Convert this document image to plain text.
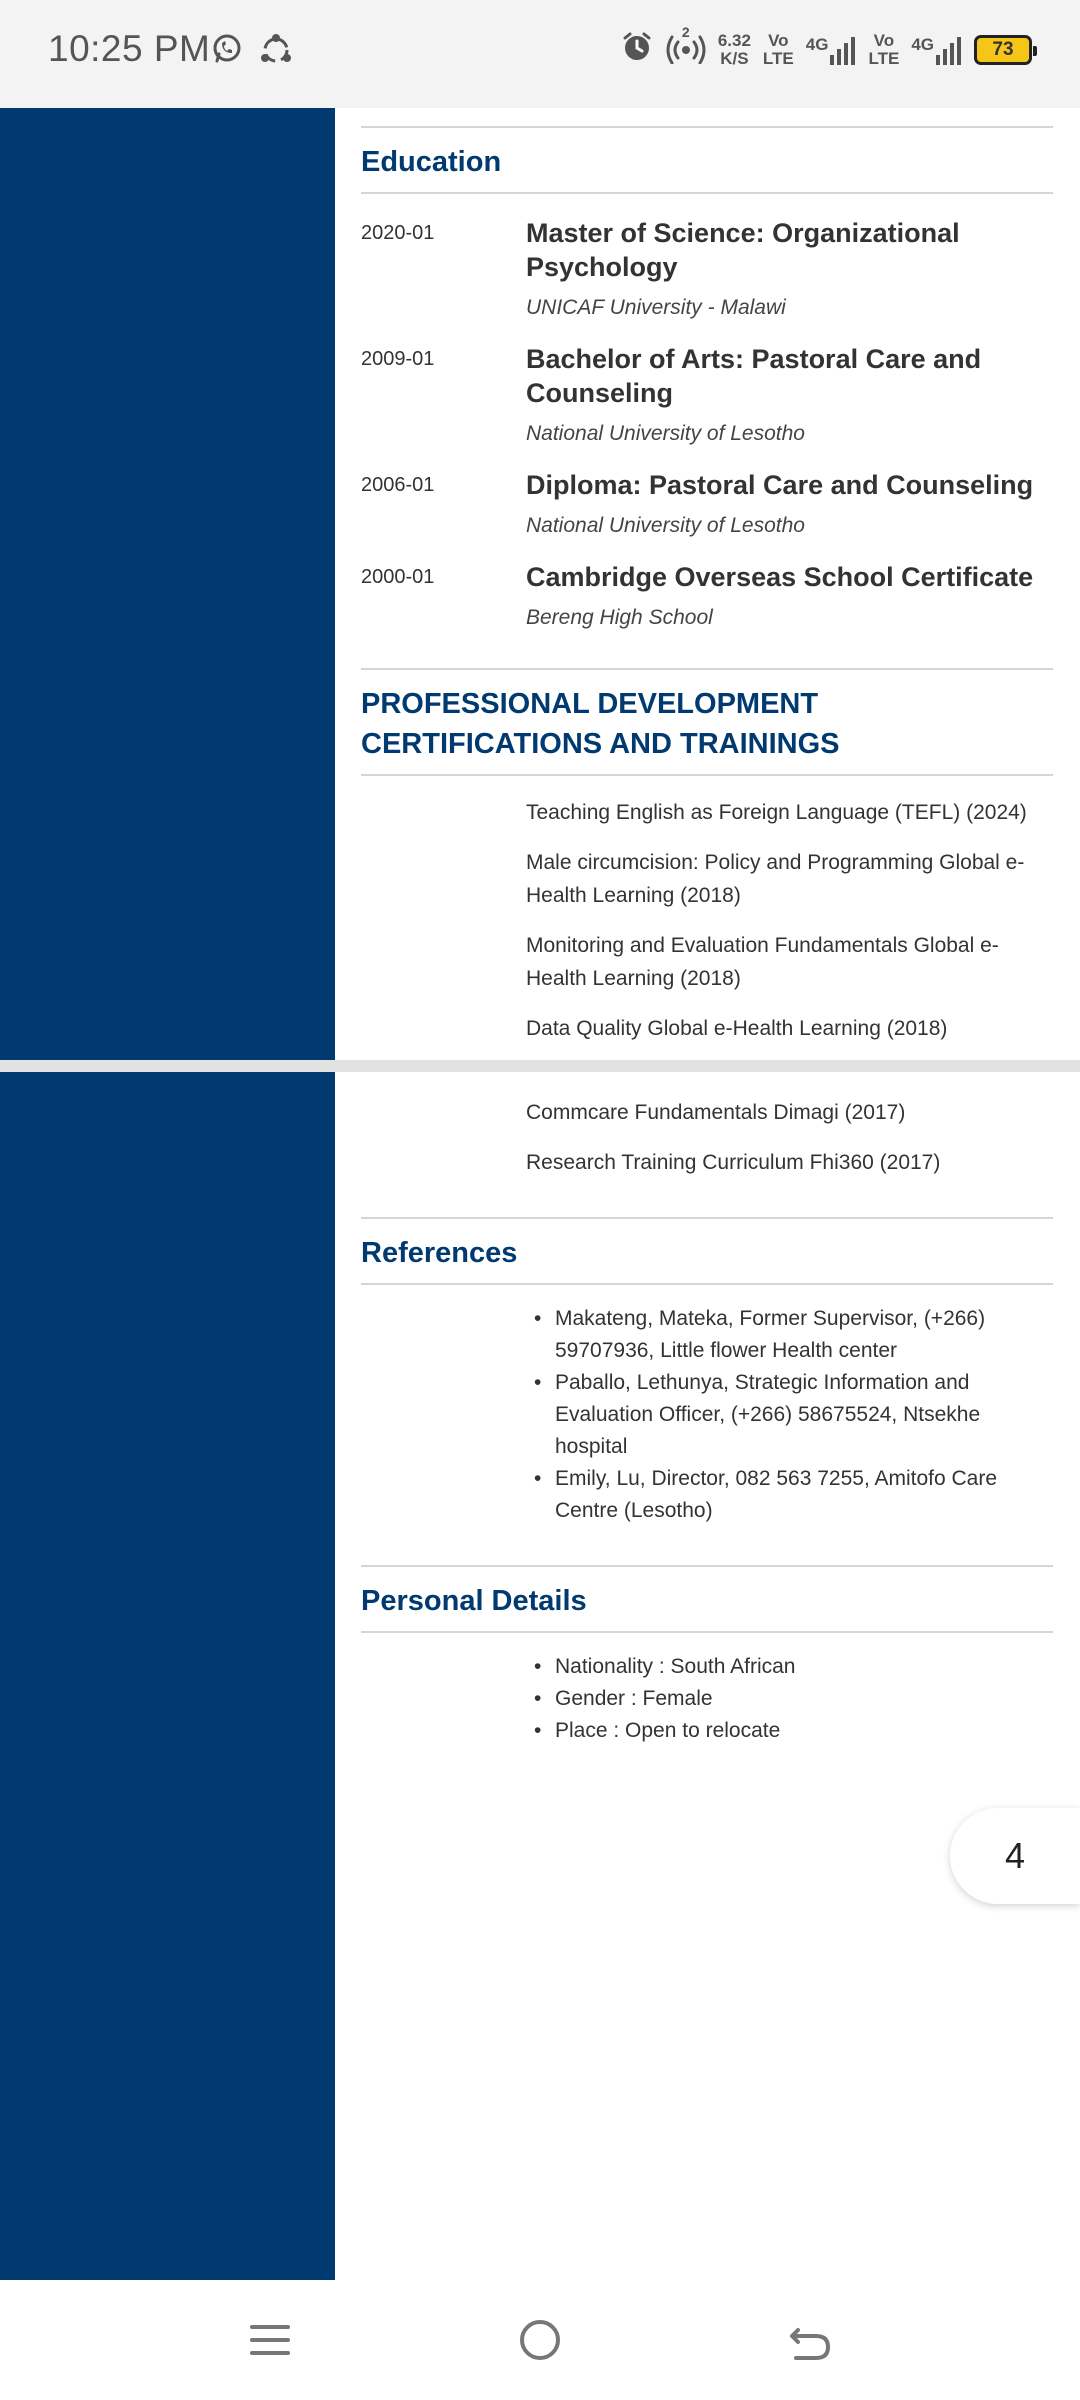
10:25 PM	2 6.32
K/S
Vo
LTE
4G	Vo
LTE
4G	73
Education
2020-01	Master of Science: Organizational Psychology
UNICAF University - Malawi
2009-01	Bachelor of Arts: Pastoral Care and Counseling
National University of Lesotho
2006-01	Diploma: Pastoral Care and Counseling
National University of Lesotho
2000-01	Cambridge Overseas School Certificate
Bereng High School
PROFESSIONAL DEVELOPMENT CERTIFICATIONS AND TRAININGS
Teaching English as Foreign Language (TEFL) (2024)
Male circumcision: Policy and Programming Global e-Health Learning (2018)
Monitoring and Evaluation Fundamentals Global e-Health Learning (2018)
Data Quality Global e-Health Learning (2018)
Commcare Fundamentals Dimagi (2017)
Research Training Curriculum Fhi360 (2017)
References
• Makateng, Mateka, Former Supervisor, (+266) 59707936, Little flower Health center
• Paballo, Lethunya, Strategic Information and Evaluation Officer, (+266) 58675524, Ntsekhe hospital
• Emily, Lu, Director, 082 563 7255, Amitofo Care Centre (Lesotho)
Personal Details
• Nationality : South African
• Gender : Female
• Place : Open to relocate
4
